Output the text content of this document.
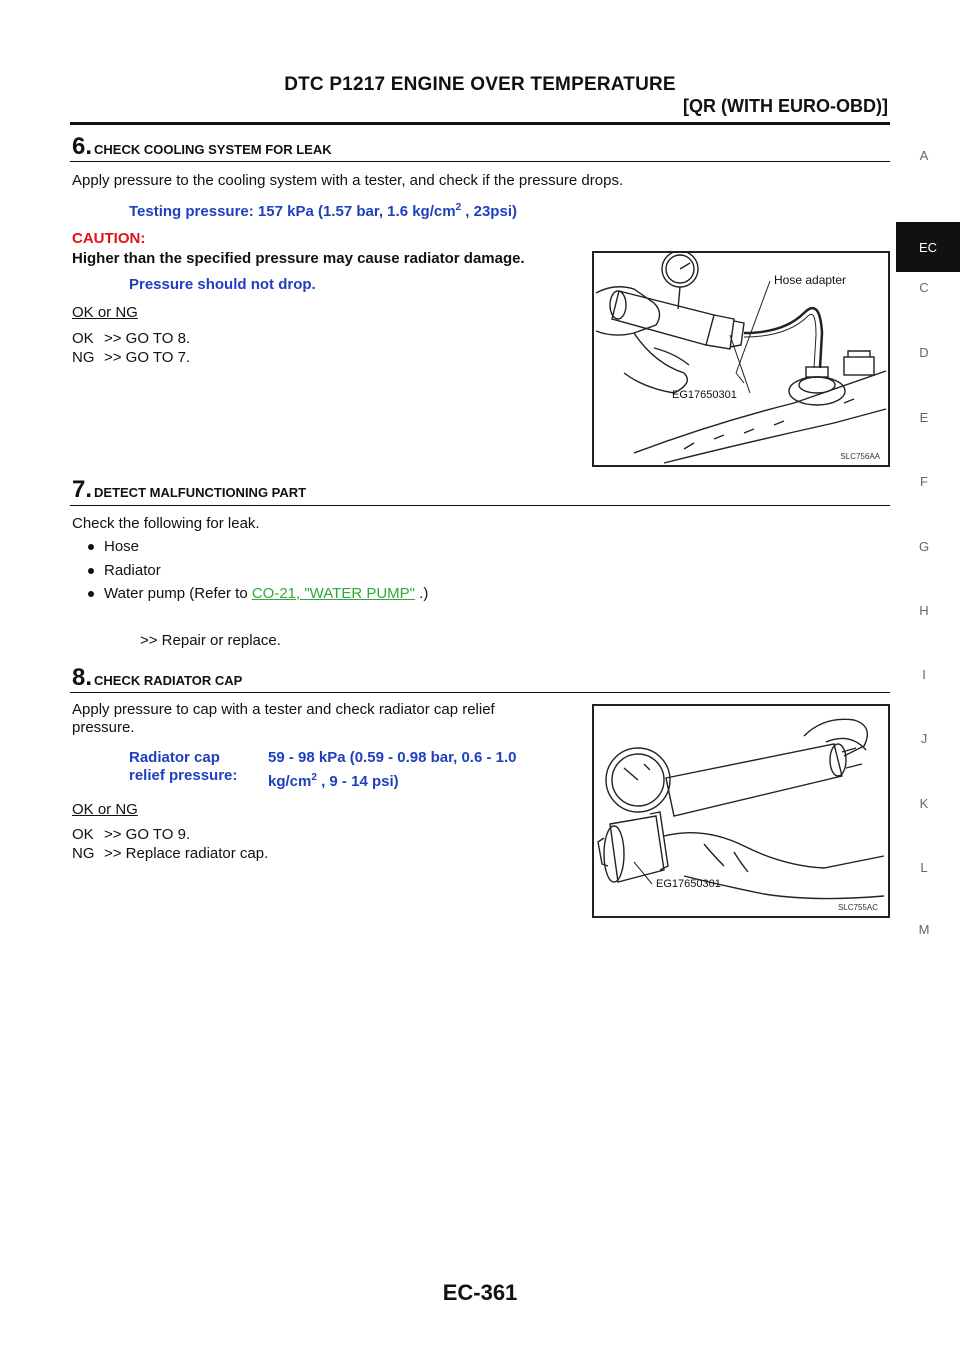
DTC P1217 ENGINE OVER TEMPERATURE
[QR (WITH EURO-OBD)]
6. CHECK COOLING SYSTEM FOR LEAK
Apply pressure to the cooling system with a tester, and check if the pressure drops.
Testing pressure: 157 kPa (1.57 bar, 1.6 $kg/cm^2$ , 23psi)
CAUTION:
Higher than the specified pressure may cause radiator damage.
Pressure should not drop.
OK or NG
OK >> GO TO 8.
NG >> GO TO 7.
Hose adapter
EG17650301
SLC756AA
7. DETECT MALFUNCTIONING PART
Check the following for leak.
Hose
Radiator
Water pump (Refer to CO-21, "WATER PUMP" .)
>> Repair or replace.
8. CHECK RADIATOR CAP
Apply pressure to cap with a tester and check radiator cap relief
pressure.
Radiator cap
relief pressure:
59 - 98 kPa (0.59 - 0.98 bar, 0.6 - 1.0
$kg/cm^2$ , 9 - 14 psi)
OK or NG
OK >> GO TO 9.
NG >> Replace radiator cap.
EG17650301
SLC755AC
A
EC
C
D
E
F
G
H
I
J
K
L
M
EC-361
